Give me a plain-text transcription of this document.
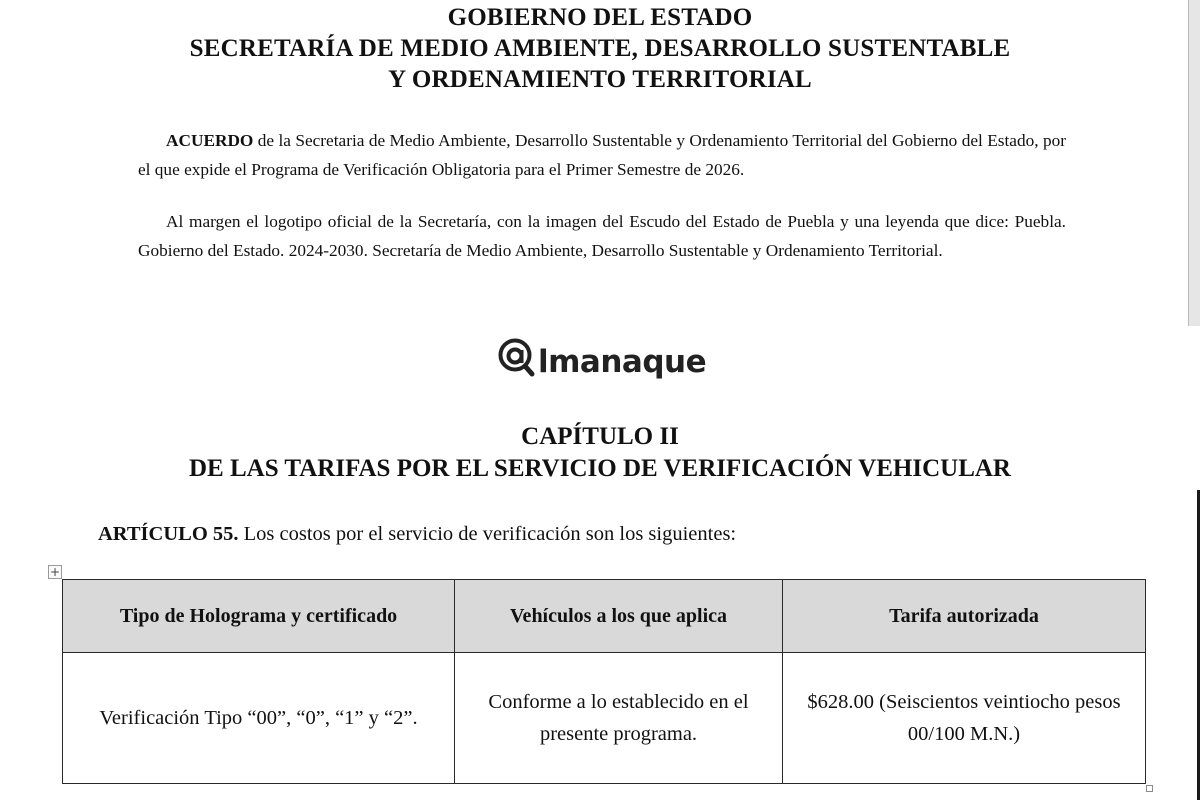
GOBIERNO DEL ESTADO
SECRETARÍA DE MEDIO AMBIENTE, DESARROLLO SUSTENTABLE
Y ORDENAMIENTO TERRITORIAL

ACUERDO de la Secretaria de Medio Ambiente, Desarrollo Sustentable y Ordenamiento Territorial del Gobierno del Estado, por el que expide el Programa de Verificación Obligatoria para el Primer Semestre de 2026.

Al margen el logotipo oficial de la Secretaría, con la imagen del Escudo del Estado de Puebla y una leyenda que dice: Puebla. Gobierno del Estado. 2024-2030. Secretaría de Medio Ambiente, Desarrollo Sustentable y Ordenamiento Territorial.

lmanaque
CAPÍTULO II
DE LAS TARIFAS POR EL SERVICIO DE VERIFICACIÓN VEHICULAR

ARTÍCULO 55. Los costos por el servicio de verificación son los siguientes:

+
Tipo de Holograma y certificado	Vehículos a los que aplica	Tarifa autorizada
Verificación Tipo “00”, “0”, “1” y “2”.	Conforme a lo establecido en el presente programa.	$628.00 (Seiscientos veintiocho pesos 00/100 M.N.)
